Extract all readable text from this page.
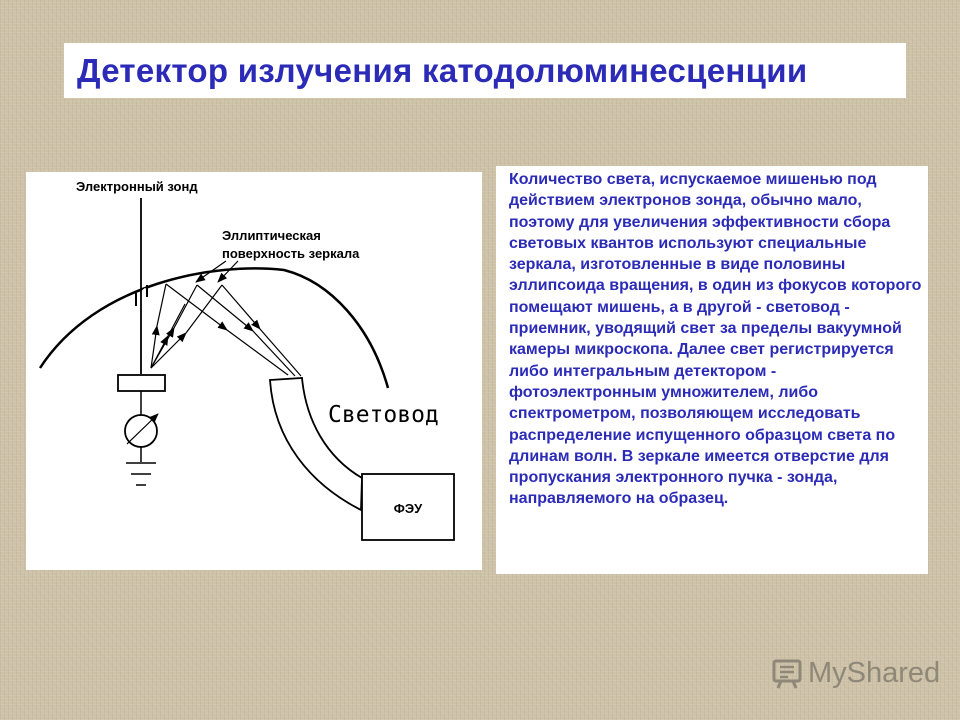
Детектор излучения катодолюминесценции
Электронный зонд
Эллиптическая
поверхность зеркала
Световод
ФЭУ

Количество света, испускаемое мишенью под действием электронов зонда, обычно мало, поэтому для увеличения эффективности сбора световых квантов используют специальные зеркала, изготовленные в виде половины эллипсоида вращения, в один из фокусов которого помещают мишень, а в другой - световод - приемник, уводящий свет за пределы вакуумной камеры микроскопа. Далее свет регистрируется либо интегральным детектором - фотоэлектронным умножителем, либо спектрометром, позволяющем исследовать распределение испущенного образцом света по длинам волн. В зеркале имеется отверстие для пропускания электронного пучка - зонда, направляемого на образец.

MyShared
